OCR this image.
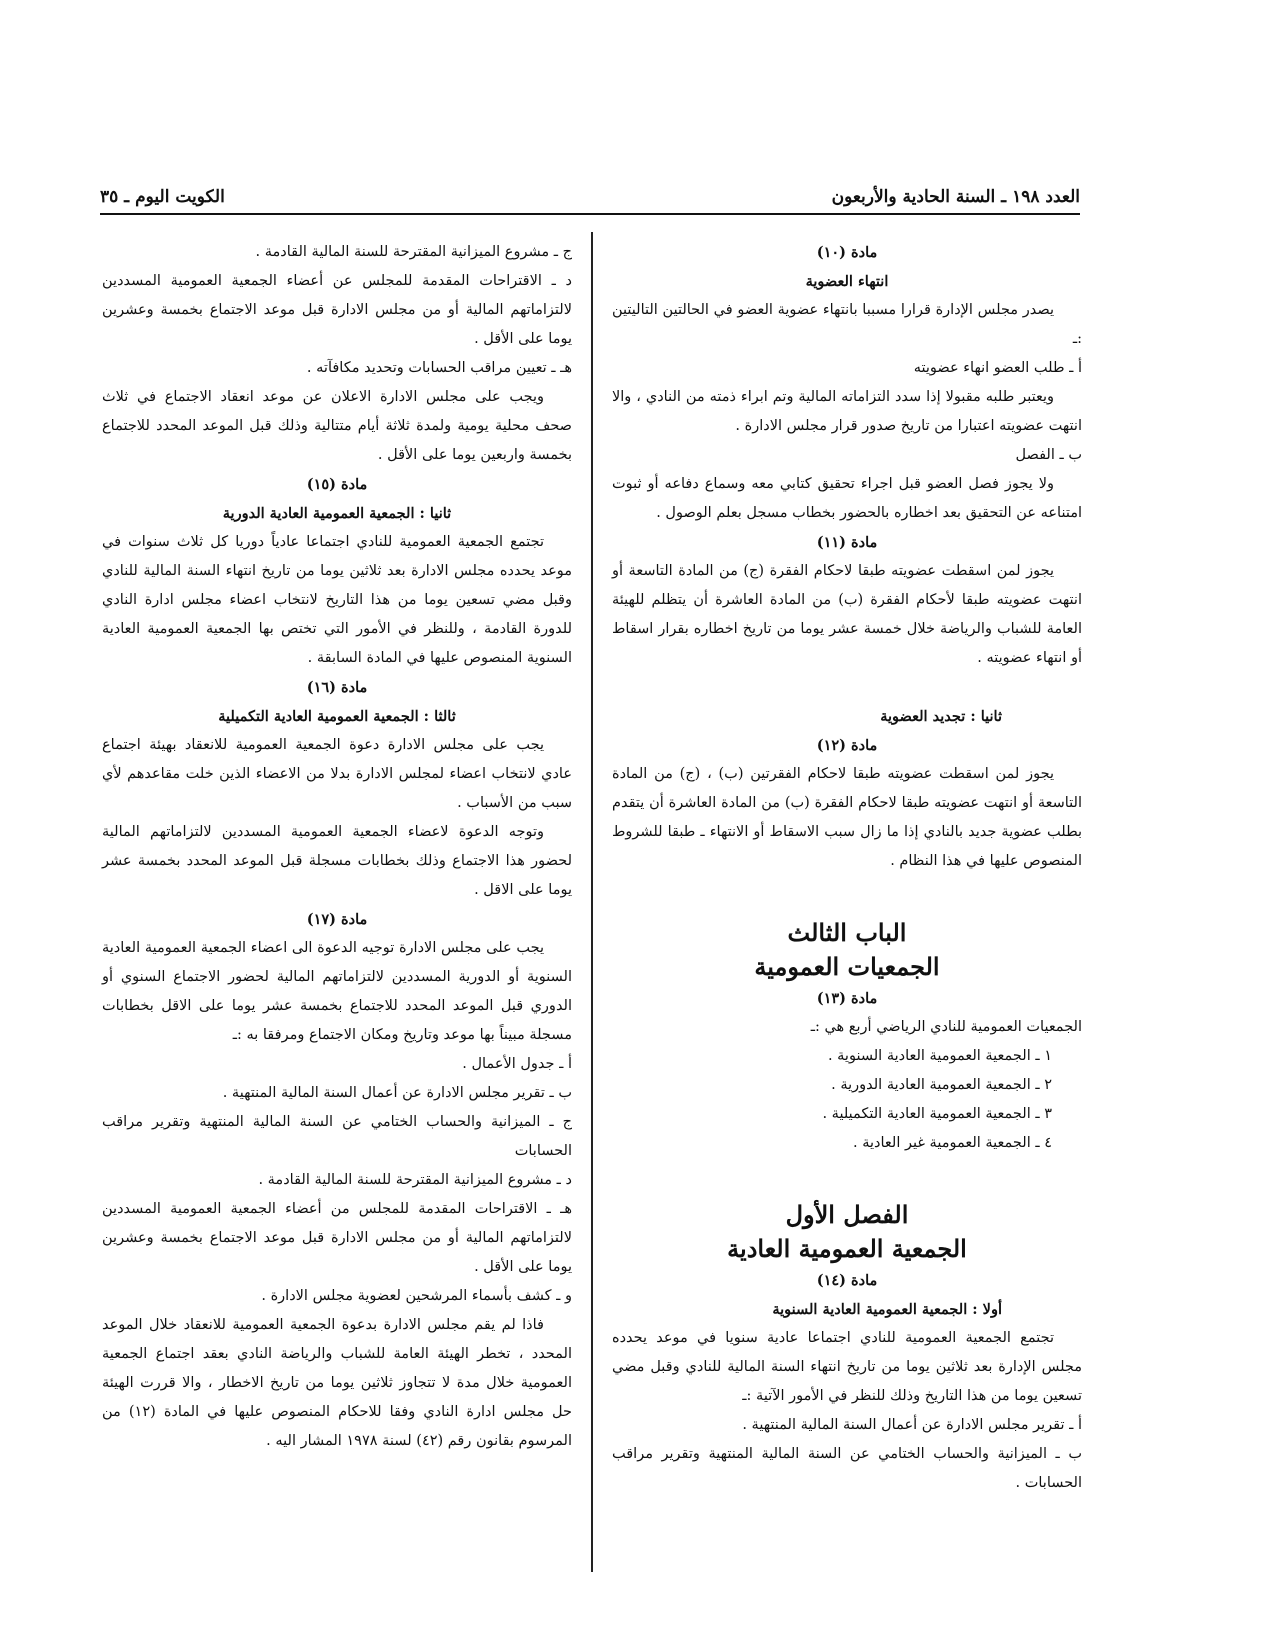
العدد ١٩٨ ـ السنة الحادية والأربعون
الكويت اليوم ـ ٣٥

مادة (١٠)

انتهاء العضوية

يصدر مجلس الإدارة قرارا مسببا بانتهاء عضوية العضو في الحالتين التاليتين :ـ

أ ـ طلب العضو انهاء عضويته

ويعتبر طلبه مقبولا إذا سدد التزاماته المالية وتم ابراء ذمته من النادي ، والا انتهت عضويته اعتبارا من تاريخ صدور قرار مجلس الادارة .

ب ـ الفصل

ولا يجوز فصل العضو قبل اجراء تحقيق كتابي معه وسماع دفاعه أو ثبوت امتناعه عن التحقيق بعد اخطاره بالحضور بخطاب مسجل بعلم الوصول .

مادة (١١)

يجوز لمن اسقطت عضويته طبقا لاحكام الفقرة (ج) من المادة التاسعة أو انتهت عضويته طبقا لأحكام الفقرة (ب) من المادة العاشرة أن يتظلم للهيئة العامة للشباب والرياضة خلال خمسة عشر يوما من تاريخ اخطاره بقرار اسقاط أو انتهاء عضويته .

ثانيا : تجديد العضوية

مادة (١٢)

يجوز لمن اسقطت عضويته طبقا لاحكام الفقرتين (ب) ، (ج) من المادة التاسعة أو انتهت عضويته طبقا لاحكام الفقرة (ب) من المادة العاشرة أن يتقدم بطلب عضوية جديد بالنادي إذا ما زال سبب الاسقاط أو الانتهاء ـ طبقا للشروط المنصوص عليها في هذا النظام .

الباب الثالث

الجمعيات العمومية

مادة (١٣)

الجمعيات العمومية للنادي الرياضي أربع هي :ـ

١ ـ الجمعية العمومية العادية السنوية .

٢ ـ الجمعية العمومية العادية الدورية .

٣ ـ الجمعية العمومية العادية التكميلية .

٤ ـ الجمعية العمومية غير العادية .

الفصل الأول

الجمعية العمومية العادية

مادة (١٤)

أولا : الجمعية العمومية العادية السنوية

تجتمع الجمعية العمومية للنادي اجتماعا عادية سنويا في موعد يحدده مجلس الإدارة بعد ثلاثين يوما من تاريخ انتهاء السنة المالية للنادي وقبل مضي تسعين يوما من هذا التاريخ وذلك للنظر في الأمور الآتية :ـ

أ ـ تقرير مجلس الادارة عن أعمال السنة المالية المنتهية .

ب ـ الميزانية والحساب الختامي عن السنة المالية المنتهية وتقرير مراقب الحسابات .

ج ـ مشروع الميزانية المقترحة للسنة المالية القادمة .

د ـ الاقتراحات المقدمة للمجلس عن أعضاء الجمعية العمومية المسددين لالتزاماتهم المالية أو من مجلس الادارة قبل موعد الاجتماع بخمسة وعشرين يوما على الأقل .

هـ ـ تعيين مراقب الحسابات وتحديد مكافآته .

ويجب على مجلس الادارة الاعلان عن موعد انعقاد الاجتماع في ثلاث صحف محلية يومية ولمدة ثلاثة أيام متتالية وذلك قبل الموعد المحدد للاجتماع بخمسة واربعين يوما على الأقل .

مادة (١٥)

ثانيا : الجمعية العمومية العادية الدورية

تجتمع الجمعية العمومية للنادي اجتماعا عادياً دوريا كل ثلاث سنوات في موعد يحدده مجلس الادارة بعد ثلاثين يوما من تاريخ انتهاء السنة المالية للنادي وقبل مضي تسعين يوما من هذا التاريخ لانتخاب اعضاء مجلس ادارة النادي للدورة القادمة ، وللنظر في الأمور التي تختص بها الجمعية العمومية العادية السنوية المنصوص عليها في المادة السابقة .

مادة (١٦)

ثالثا : الجمعية العمومية العادية التكميلية

يجب على مجلس الادارة دعوة الجمعية العمومية للانعقاد بهيئة اجتماع عادي لانتخاب اعضاء لمجلس الادارة بدلا من الاعضاء الذين خلت مقاعدهم لأي سبب من الأسباب .

وتوجه الدعوة لاعضاء الجمعية العمومية المسددين لالتزاماتهم المالية لحضور هذا الاجتماع وذلك بخطابات مسجلة قبل الموعد المحدد بخمسة عشر يوما على الاقل .

مادة (١٧)

يجب على مجلس الادارة توجيه الدعوة الى اعضاء الجمعية العمومية العادية السنوية أو الدورية المسددين لالتزاماتهم المالية لحضور الاجتماع السنوي أو الدوري قبل الموعد المحدد للاجتماع بخمسة عشر يوما على الاقل بخطابات مسجلة مبيناً بها موعد وتاريخ ومكان الاجتماع ومرفقا به :ـ

أ ـ جدول الأعمال .

ب ـ تقرير مجلس الادارة عن أعمال السنة المالية المنتهية .

ج ـ الميزانية والحساب الختامي عن السنة المالية المنتهية وتقرير مراقب الحسابات

د ـ مشروع الميزانية المقترحة للسنة المالية القادمة .

هـ ـ الاقتراحات المقدمة للمجلس من أعضاء الجمعية العمومية المسددين لالتزاماتهم المالية أو من مجلس الادارة قبل موعد الاجتماع بخمسة وعشرين يوما على الأقل .

و ـ كشف بأسماء المرشحين لعضوية مجلس الادارة .

فاذا لم يقم مجلس الادارة بدعوة الجمعية العمومية للانعقاد خلال الموعد المحدد ، تخطر الهيئة العامة للشباب والرياضة النادي بعقد اجتماع الجمعية العمومية خلال مدة لا تتجاوز ثلاثين يوما من تاريخ الاخطار ، والا قررت الهيئة حل مجلس ادارة النادي وفقا للاحكام المنصوص عليها في المادة (١٢) من المرسوم بقانون رقم (٤٢) لسنة ١٩٧٨ المشار اليه .
